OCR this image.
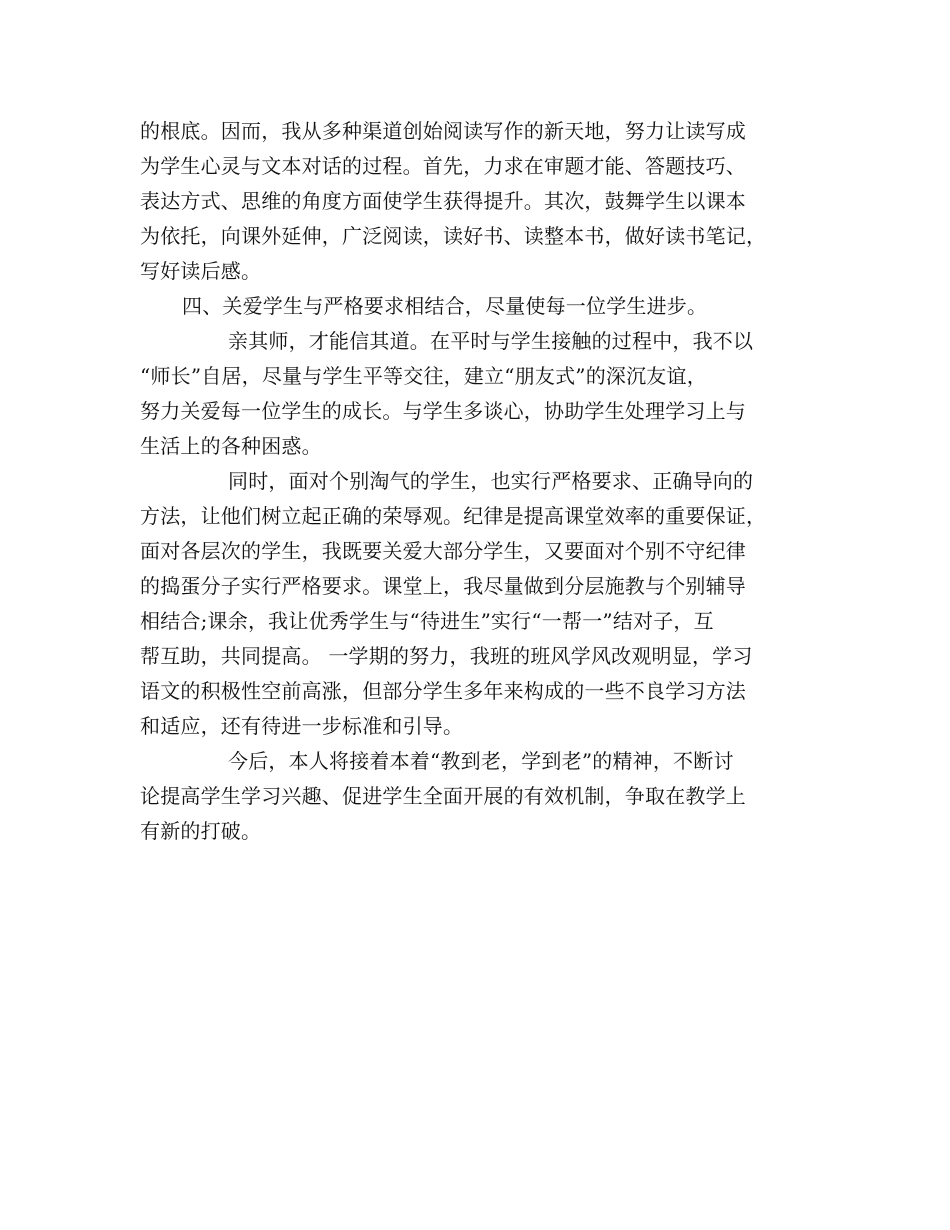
的根底。因而，我从多种渠道创始阅读写作的新天地，努力让读写成
为学生心灵与文本对话的过程。首先，力求在审题才能、答题技巧、
表达方式、思维的角度方面使学生获得提升。其次，鼓舞学生以课本
为依托，向课外延伸，广泛阅读，读好书、读整本书，做好读书笔记，
写好读后感。
四、关爱学生与严格要求相结合，尽量使每一位学生进步。
亲其师，才能信其道。在平时与学生接触的过程中，我不以
“师长”自居，尽量与学生平等交往，建立“朋友式”的深沉友谊，
努力关爱每一位学生的成长。与学生多谈心，协助学生处理学习上与
生活上的各种困惑。
同时，面对个别淘气的学生，也实行严格要求、正确导向的
方法，让他们树立起正确的荣辱观。纪律是提高课堂效率的重要保证，
面对各层次的学生，我既要关爱大部分学生，又要面对个别不守纪律
的捣蛋分子实行严格要求。课堂上，我尽量做到分层施教与个别辅导
相结合;课余，我让优秀学生与“待进生”实行“一帮一”结对子，互
帮互助，共同提高。 一学期的努力，我班的班风学风改观明显，学习
语文的积极性空前高涨，但部分学生多年来构成的一些不良学习方法
和适应，还有待进一步标准和引导。
今后，本人将接着本着“教到老，学到老”的精神，不断讨
论提高学生学习兴趣、促进学生全面开展的有效机制，争取在教学上
有新的打破。
